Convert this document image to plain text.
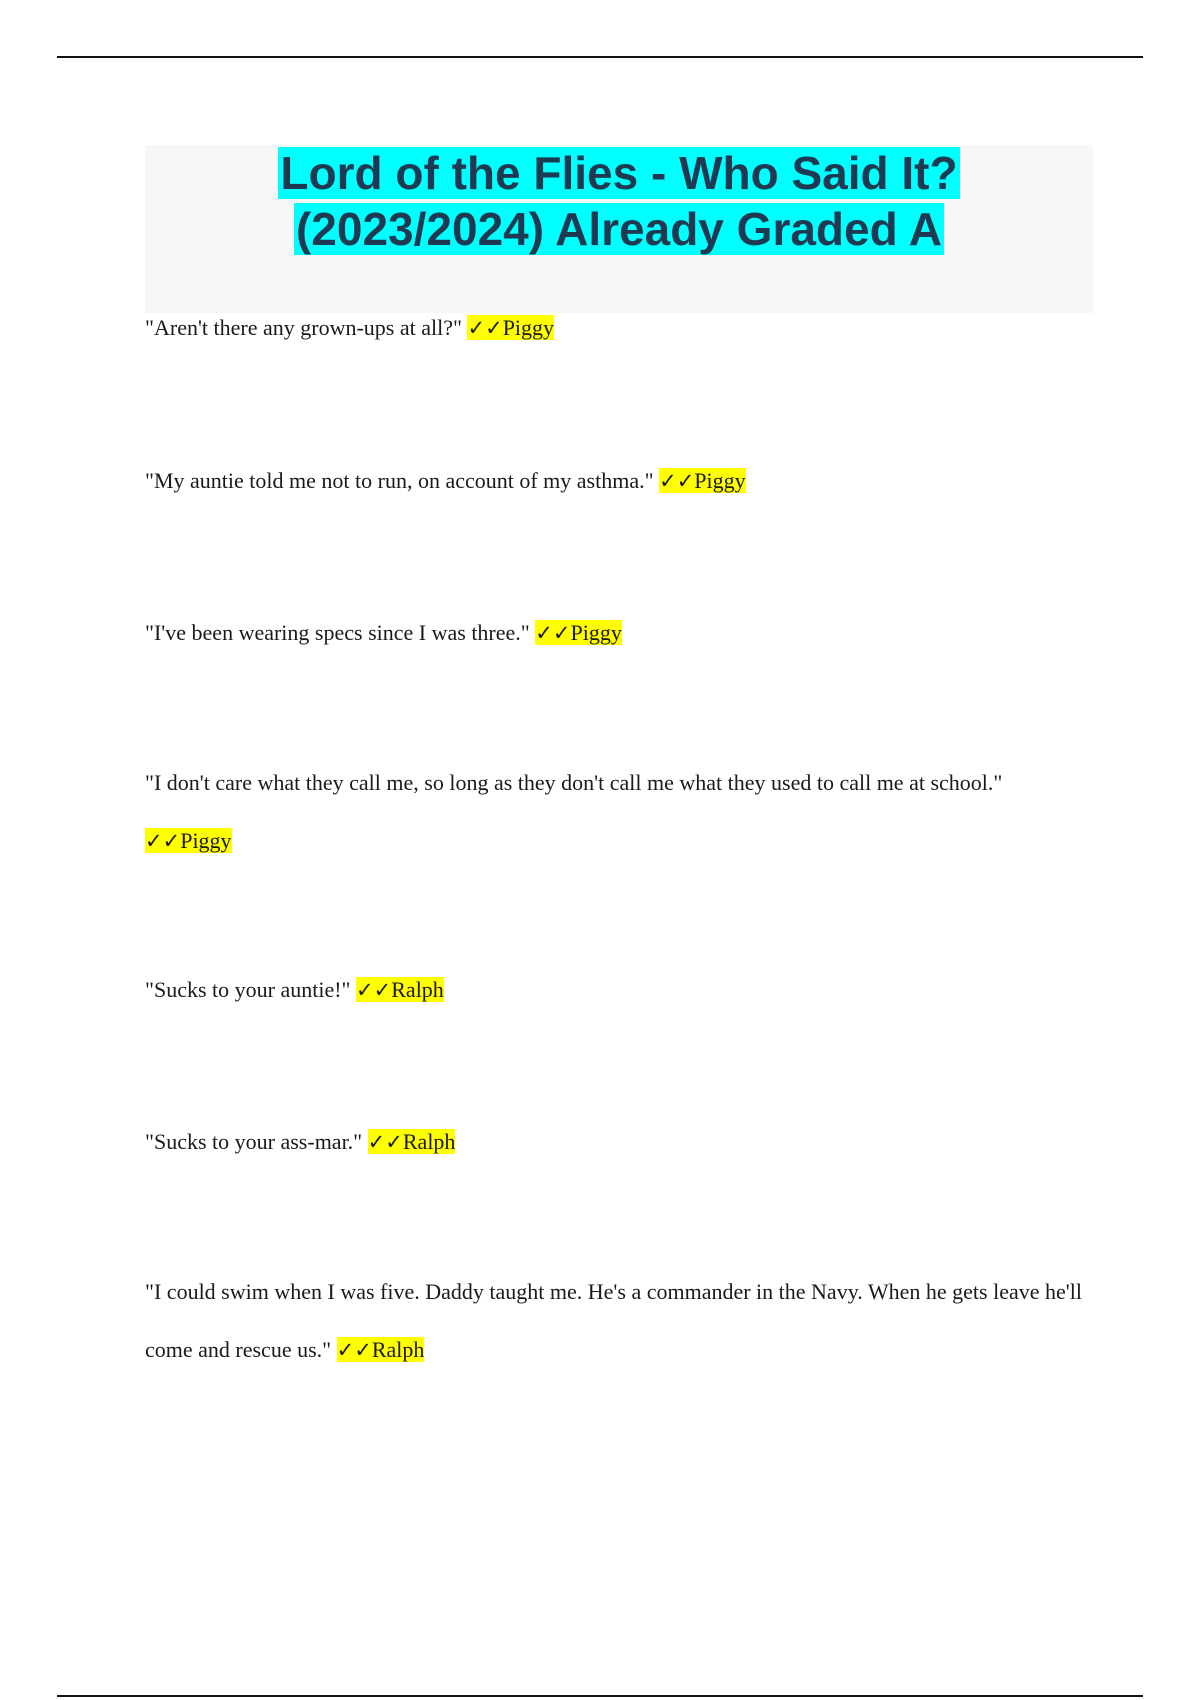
Lord of the Flies - Who Said It?
(2023/2024) Already Graded A
"Aren't there any grown-ups at all?" ✓✓Piggy
"My auntie told me not to run, on account of my asthma." ✓✓Piggy
"I've been wearing specs since I was three." ✓✓Piggy
"I don't care what they call me, so long as they don't call me what they used to call me at school." ✓✓Piggy
"Sucks to your auntie!" ✓✓Ralph
"Sucks to your ass-mar." ✓✓Ralph
"I could swim when I was five. Daddy taught me. He's a commander in the Navy. When he gets leave he'll come and rescue us." ✓✓Ralph
